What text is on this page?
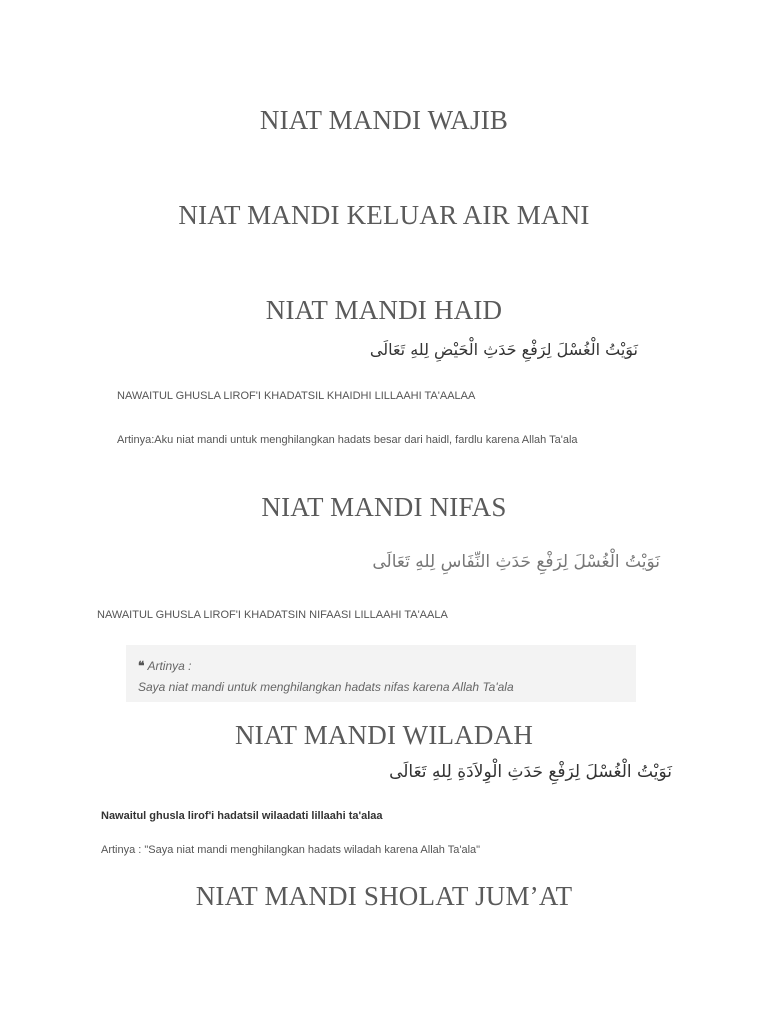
NIAT MANDI WAJIB
NIAT MANDI KELUAR AIR MANI
NIAT MANDI HAID
نَوَيْتُ الْغُسْلَ لِرَفْعِ حَدَثِ الْحَيْضِ لِلهِ تَعَالَى
NAWAITUL GHUSLA LIROF'I KHADATSIL KHAIDHI LILLAAHI TA'AALAA
Artinya:Aku niat mandi untuk menghilangkan hadats besar dari haidl, fardlu karena Allah Ta'ala
NIAT MANDI NIFAS
نَوَيْتُ الْغُسْلَ لِرَفْعِ حَدَثِ النِّفَاسِ لِلهِ تَعَالَى
NAWAITUL GHUSLA LIROF'I KHADATSIN NIFAASI LILLAAHI TA'AALA
❝ Artinya :
Saya niat mandi untuk menghilangkan hadats nifas karena Allah Ta'ala
NIAT MANDI WILADAH
نَوَيْتُ الْغُسْلَ لِرَفْعِ حَدَثِ الْوِلاَدَةِ لِلهِ تَعَالَى
Nawaitul ghusla lirof'i hadatsil wilaadati lillaahi ta'alaa
Artinya : "Saya niat mandi menghilangkan hadats wiladah karena Allah Ta'ala"
NIAT MANDI SHOLAT JUM’AT
